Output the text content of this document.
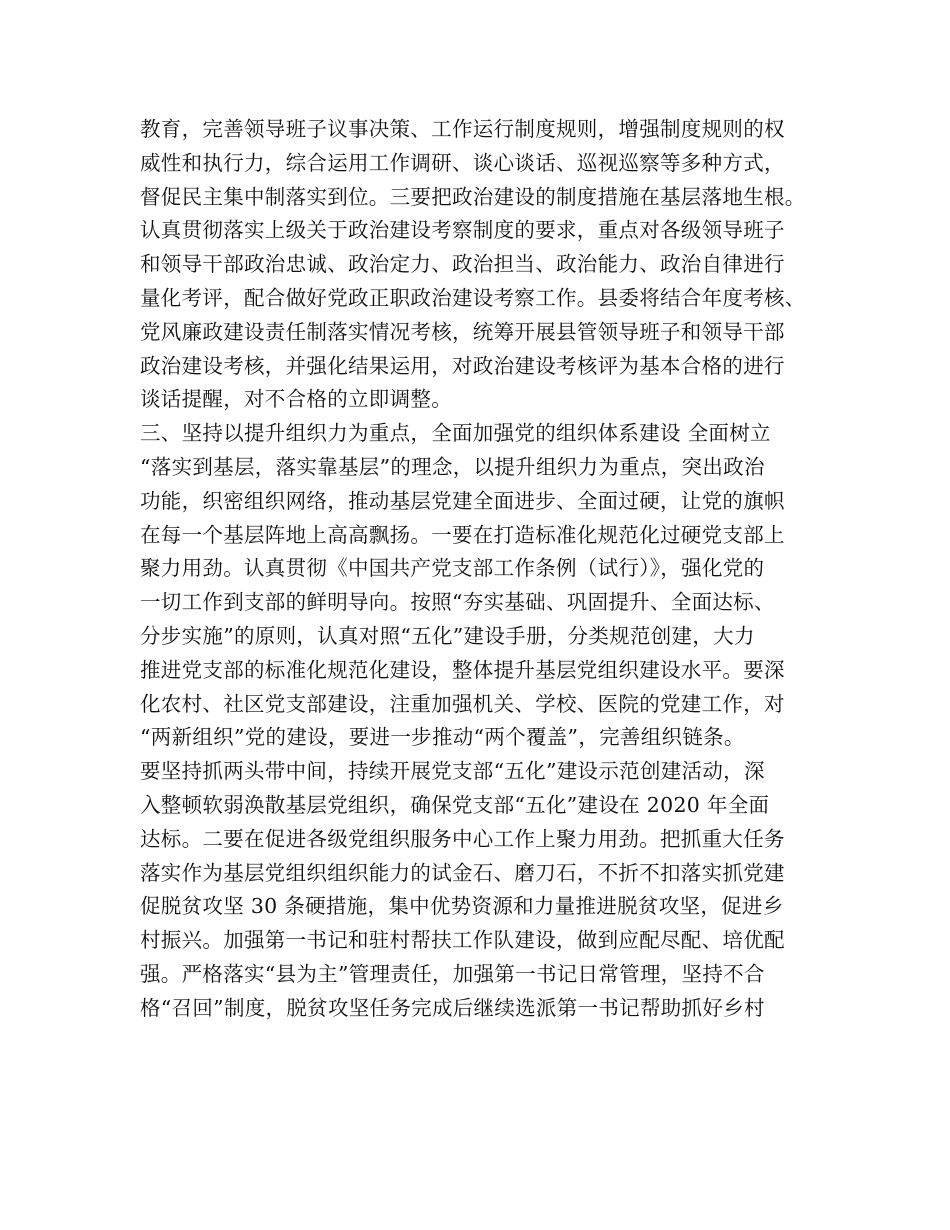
教育，完善领导班子议事决策、工作运行制度规则，增强制度规则的权
威性和执行力，综合运用工作调研、谈心谈话、巡视巡察等多种方式，
督促民主集中制落实到位。三要把政治建设的制度措施在基层落地生根。
认真贯彻落实上级关于政治建设考察制度的要求，重点对各级领导班子
和领导干部政治忠诚、政治定力、政治担当、政治能力、政治自律进行
量化考评，配合做好党政正职政治建设考察工作。县委将结合年度考核、
党风廉政建设责任制落实情况考核，统筹开展县管领导班子和领导干部
政治建设考核，并强化结果运用，对政治建设考核评为基本合格的进行
谈话提醒，对不合格的立即调整。
三、坚持以提升组织力为重点，全面加强党的组织体系建设 全面树立
“落实到基层，落实靠基层”的理念，以提升组织力为重点，突出政治
功能，织密组织网络，推动基层党建全面进步、全面过硬，让党的旗帜
在每一个基层阵地上高高飘扬。一要在打造标准化规范化过硬党支部上
聚力用劲。认真贯彻《中国共产党支部工作条例（试行）》，强化党的
一切工作到支部的鲜明导向。按照“夯实基础、巩固提升、全面达标、
分步实施”的原则，认真对照“五化”建设手册，分类规范创建，大力
推进党支部的标准化规范化建设，整体提升基层党组织建设水平。要深
化农村、社区党支部建设，注重加强机关、学校、医院的党建工作，对
“两新组织”党的建设，要进一步推动“两个覆盖”，完善组织链条。
要坚持抓两头带中间，持续开展党支部“五化”建设示范创建活动，深
入整顿软弱涣散基层党组织，确保党支部“五化”建设在 2020 年全面
达标。二要在促进各级党组织服务中心工作上聚力用劲。把抓重大任务
落实作为基层党组织组织能力的试金石、磨刀石，不折不扣落实抓党建
促脱贫攻坚 30 条硬措施，集中优势资源和力量推进脱贫攻坚，促进乡
村振兴。加强第一书记和驻村帮扶工作队建设，做到应配尽配、培优配
强。严格落实“县为主”管理责任，加强第一书记日常管理，坚持不合
格“召回”制度，脱贫攻坚任务完成后继续选派第一书记帮助抓好乡村
